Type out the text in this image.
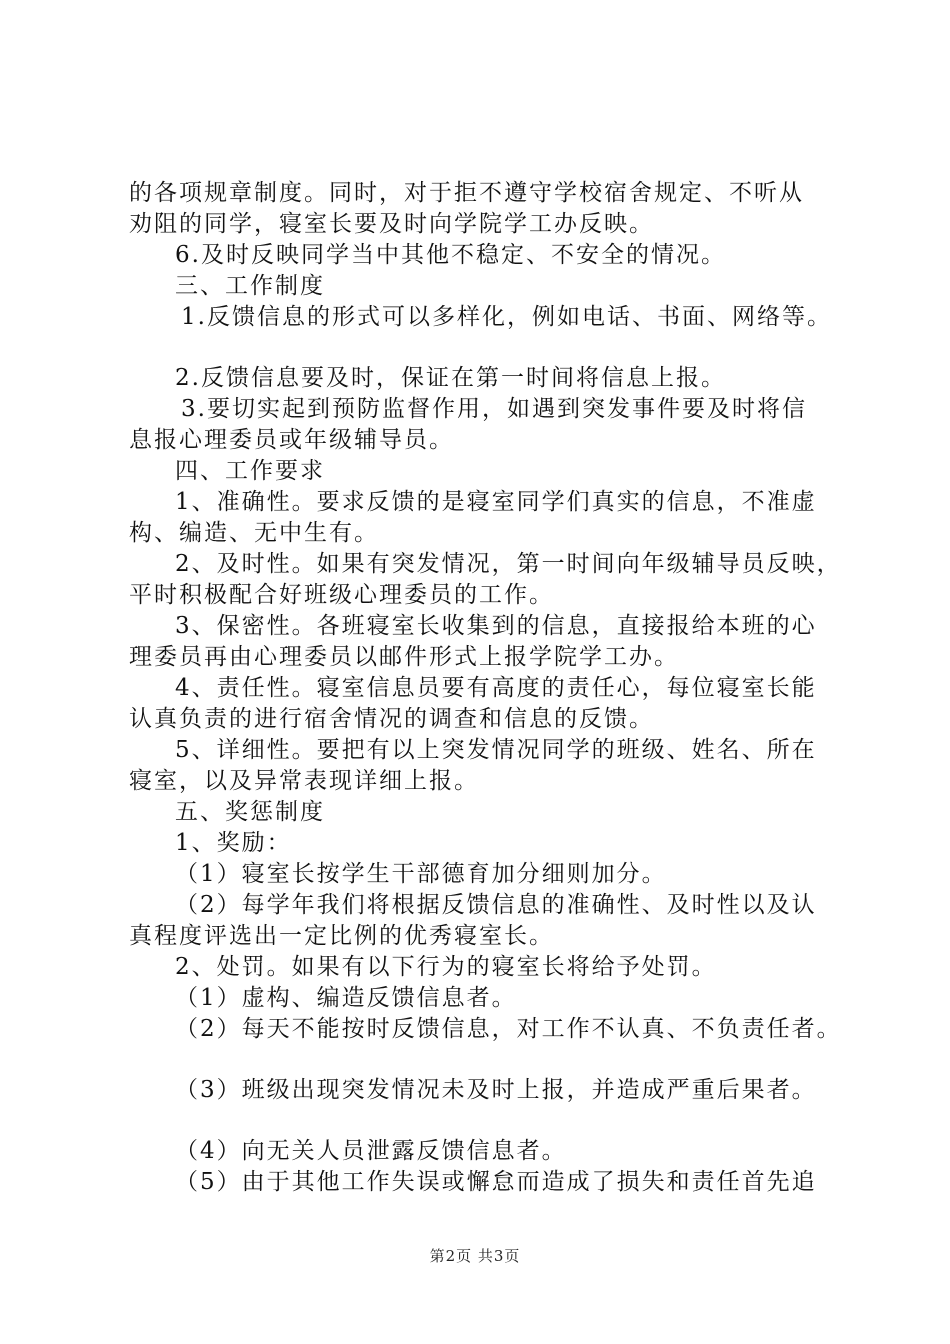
的各项规章制度。同时，对于拒不遵守学校宿舍规定、不听从
劝阻的同学，寝室长要及时向学院学工办反映。
6.及时反映同学当中其他不稳定、不安全的情况。
三、工作制度
1.反馈信息的形式可以多样化，例如电话、书面、网络等。
2.反馈信息要及时，保证在第一时间将信息上报。
3.要切实起到预防监督作用，如遇到突发事件要及时将信
息报心理委员或年级辅导员。
四、工作要求
1、准确性。要求反馈的是寝室同学们真实的信息，不准虚
构、编造、无中生有。
2、及时性。如果有突发情况，第一时间向年级辅导员反映，
平时积极配合好班级心理委员的工作。
3、保密性。各班寝室长收集到的信息，直接报给本班的心
理委员再由心理委员以邮件形式上报学院学工办。
4、责任性。寝室信息员要有高度的责任心，每位寝室长能
认真负责的进行宿舍情况的调查和信息的反馈。
5、详细性。要把有以上突发情况同学的班级、姓名、所在
寝室，以及异常表现详细上报。
五、奖惩制度
1、奖励：
（1）寝室长按学生干部德育加分细则加分。
（2）每学年我们将根据反馈信息的准确性、及时性以及认
真程度评选出一定比例的优秀寝室长。
2、处罚。如果有以下行为的寝室长将给予处罚。
（1）虚构、编造反馈信息者。
（2）每天不能按时反馈信息，对工作不认真、不负责任者。
（3）班级出现突发情况未及时上报，并造成严重后果者。
（4）向无关人员泄露反馈信息者。
（5）由于其他工作失误或懈怠而造成了损失和责任首先追
第2页 共3页
